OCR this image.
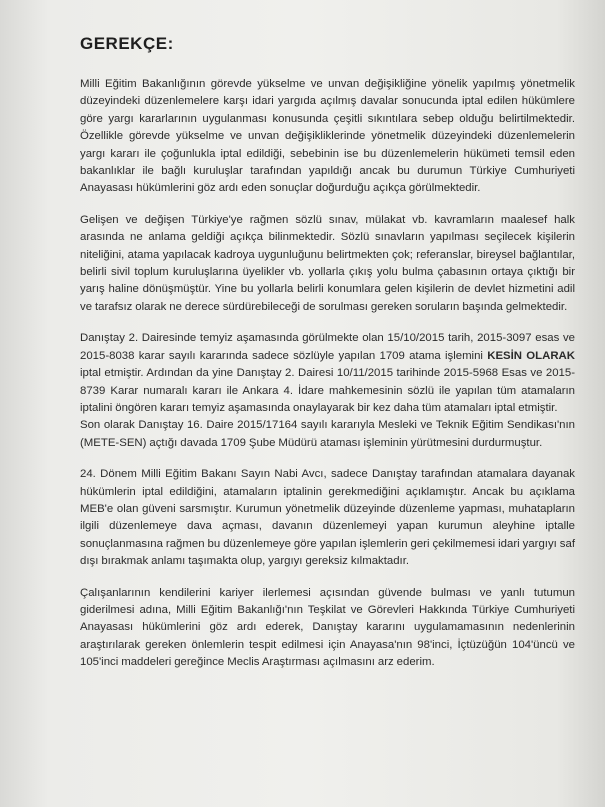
GEREKÇE:

Milli Eğitim Bakanlığının görevde yükselme ve unvan değişikliğine yönelik yapılmış yönetmelik düzeyindeki düzenlemelere karşı idari yargıda açılmış davalar sonucunda iptal edilen hükümlere göre yargı kararlarının uygulanması konusunda çeşitli sıkıntılara sebep olduğu belirtilmektedir. Özellikle görevde yükselme ve unvan değişikliklerinde yönetmelik düzeyindeki düzenlemelerin yargı kararı ile çoğunlukla iptal edildiği, sebebinin ise bu düzenlemelerin hükümeti temsil eden bakanlıklar ile bağlı kuruluşlar tarafından yapıldığı ancak bu durumun Türkiye Cumhuriyeti Anayasası hükümlerini göz ardı eden sonuçlar doğurduğu açıkça görülmektedir.

Gelişen ve değişen Türkiye'ye rağmen sözlü sınav, mülakat vb. kavramların maalesef halk arasında ne anlama geldiği açıkça bilinmektedir. Sözlü sınavların yapılması seçilecek kişilerin niteliğini, atama yapılacak kadroya uygunluğunu belirtmekten çok; referanslar, bireysel bağlantılar, belirli sivil toplum kuruluşlarına üyelikler vb. yollarla çıkış yolu bulma çabasının ortaya çıktığı bir yarış haline dönüşmüştür. Yine bu yollarla belirli konumlara gelen kişilerin de devlet hizmetini adil ve tarafsız olarak ne derece sürdürebileceği de sorulması gereken soruların başında gelmektedir.

Danıştay 2. Dairesinde temyiz aşamasında görülmekte olan 15/10/2015 tarih, 2015-3097 esas ve 2015-8038 karar sayılı kararında sadece sözlüyle yapılan 1709 atama işlemini KESİN OLARAK iptal etmiştir. Ardından da yine Danıştay 2. Dairesi 10/11/2015 tarihinde 2015-5968 Esas ve 2015-8739 Karar numaralı kararı ile Ankara 4. İdare mahkemesinin sözlü ile yapılan tüm atamaların iptalini öngören kararı temyiz aşamasında onaylayarak bir kez daha tüm atamaları iptal etmiştir.

Son olarak Danıştay 16. Daire 2015/17164 sayılı kararıyla Mesleki ve Teknik Eğitim Sendikası'nın (METE-SEN) açtığı davada 1709 Şube Müdürü ataması işleminin yürütmesini durdurmuştur.

24. Dönem Milli Eğitim Bakanı Sayın Nabi Avcı, sadece Danıştay tarafından atamalara dayanak hükümlerin iptal edildiğini, atamaların iptalinin gerekmediğini açıklamıştır. Ancak bu açıklama MEB'e olan güveni sarsmıştır. Kurumun yönetmelik düzeyinde düzenleme yapması, muhatapların ilgili düzenlemeye dava açması, davanın düzenlemeyi yapan kurumun aleyhine iptalle sonuçlanmasına rağmen bu düzenlemeye göre yapılan işlemlerin geri çekilmemesi idari yargıyı saf dışı bırakmak anlamı taşımakta olup, yargıyı gereksiz kılmaktadır.

Çalışanlarının kendilerini kariyer ilerlemesi açısından güvende bulması ve yanlı tutumun giderilmesi adına, Milli Eğitim Bakanlığı'nın Teşkilat ve Görevleri Hakkında Türkiye Cumhuriyeti Anayasası hükümlerini göz ardı ederek, Danıştay kararını uygulamamasının nedenlerinin araştırılarak gereken önlemlerin tespit edilmesi için Anayasa'nın 98'inci, İçtüzüğün 104'üncü ve 105'inci maddeleri gereğince Meclis Araştırması açılmasını arz ederim.
